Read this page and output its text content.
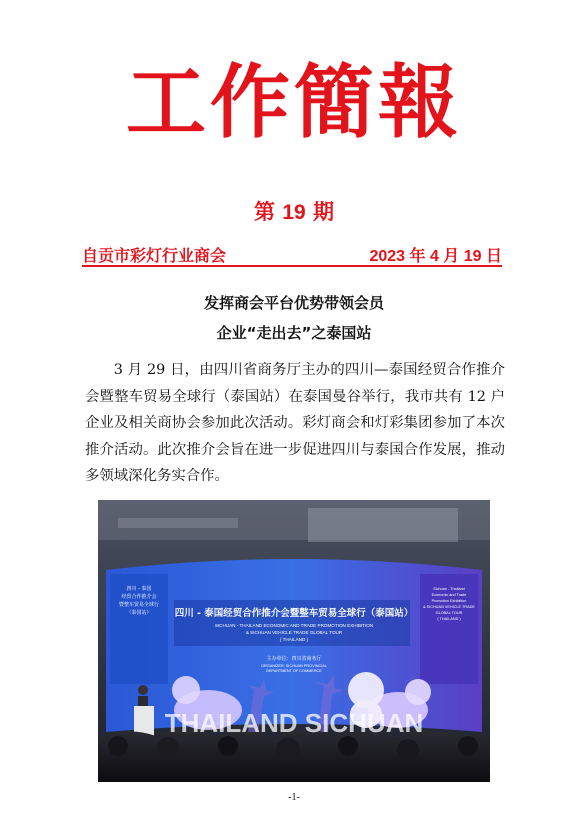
工作簡報
第 19 期
自贡市彩灯行业商会	2023 年 4 月 19 日
发挥商会平台优势带领会员
企业“走出去”之泰国站

3 月 29 日，由四川省商务厅主办的四川—泰国经贸合作推介会暨整车贸易全球行（泰国站）在泰国曼谷举行，我市共有 12 户企业及相关商协会参加此次活动。彩灯商会和灯彩集团参加了本次推介活动。此次推介会旨在进一步促进四川与泰国合作发展，推动多领域深化务实合作。

四川 - 泰国经贸合作推介会暨整车贸易全球行（泰国站）
SICHUAN - THAILAND ECONOMIC AND TRADE PROMOTION EXHIBITION
& SICHUAN VEHICLE TRADE GLOBAL TOUR
( THAILAND )
主办单位：四川省商务厅
ORGANIZER: SICHUAN PROVINCIAL
DEPARTMENT OF COMMERCE
四川 - 泰国
经贸合作推介会
暨整车贸易全球行
（泰国站）
Sichuan - Thailand
Economic and Trade
Promotion Exhibition
& SICHUAN VEHICLE TRADE
GLOBAL TOUR
( THAILAND )
THAILAND SICHUAN
-1-
